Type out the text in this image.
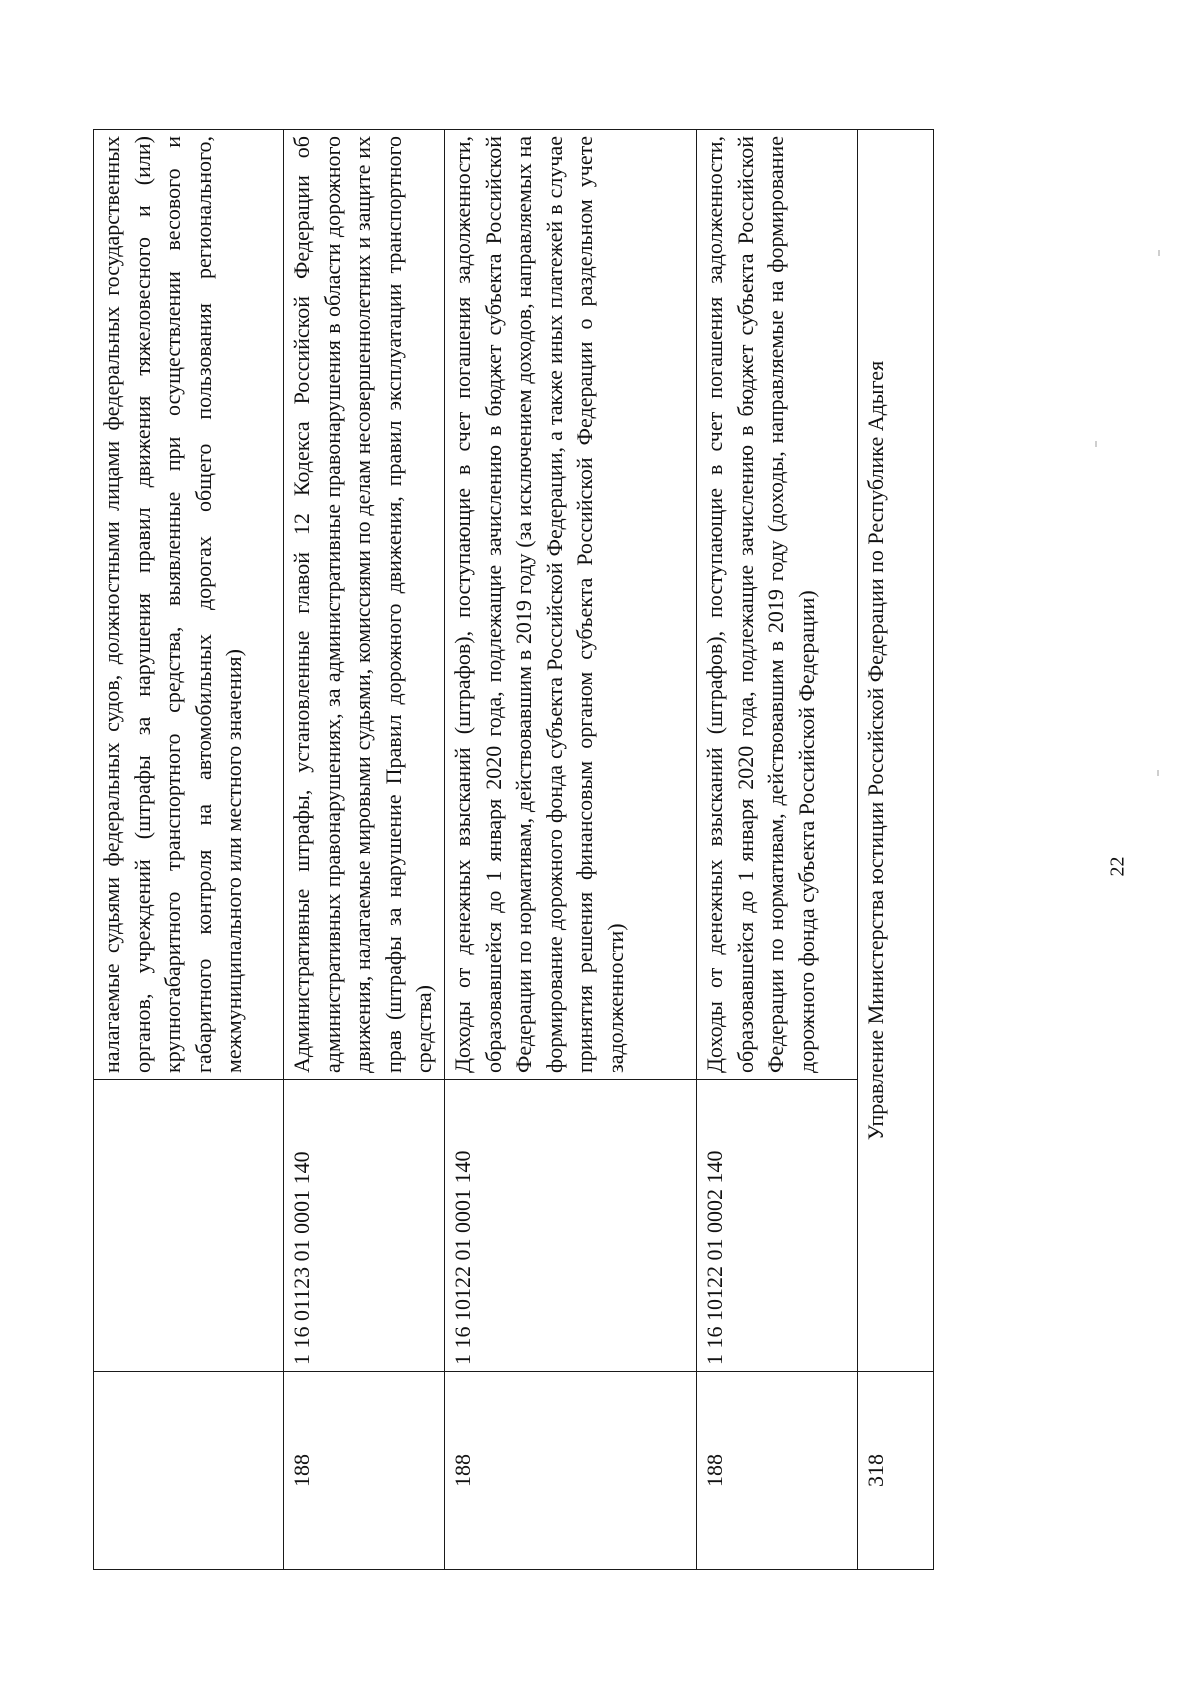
		налагаемые судьями федеральных судов, должностными лицами федеральных государственных органов, учреждений (штрафы за нарушения правил движения тяжеловесного и (или) крупногабаритного транспортного средства, выявленные при осуществлении весового и габаритного контроля на автомобильных дорогах общего пользования регионального, межмуниципального или местного значения)
188	1 16 01123 01 0001 140	Административные штрафы, установленные главой 12 Кодекса Российской Федерации об административных правонарушениях, за административные правонарушения в области дорожного движения, налагаемые мировыми судьями, комиссиями по делам несовершеннолетних и защите их прав (штрафы за нарушение Правил дорожного движения, правил эксплуатации транспортного средства)
188	1 16 10122 01 0001 140	Доходы от денежных взысканий (штрафов), поступающие в счет погашения задолженности, образовавшейся до 1 января 2020 года, подлежащие зачислению в бюджет субъекта Российской Федерации по нормативам, действовавшим в 2019 году (за исключением доходов, направляемых на формирование дорожного фонда субъекта Российской Федерации, а также иных платежей в случае принятия решения финансовым органом субъекта Российской Федерации о раздельном учете задолженности)
188	1 16 10122 01 0002 140	Доходы от денежных взысканий (штрафов), поступающие в счет погашения задолженности, образовавшейся до 1 января 2020 года, подлежащие зачислению в бюджет субъекта Российской Федерации по нормативам, действовавшим в 2019 году (доходы, направляемые на формирование дорожного фонда субъекта Российской Федерации)
318	Управление Министерства юстиции Российской Федерации по Республике Адыгея		22
